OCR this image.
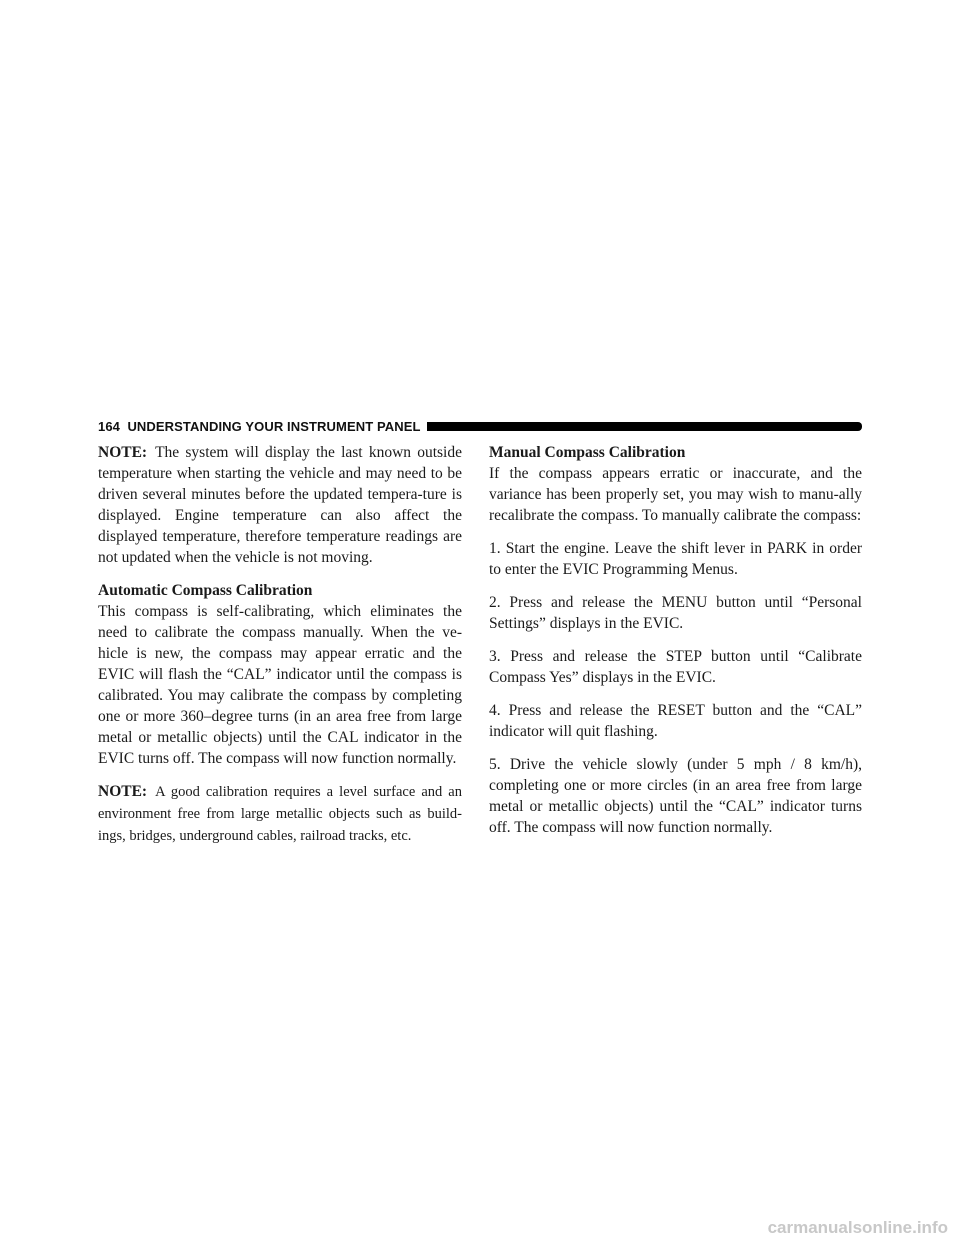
164 UNDERSTANDING YOUR INSTRUMENT PANEL

NOTE: The system will display the last known outside temperature when starting the vehicle and may need to be driven several minutes before the updated tempera-ture is displayed. Engine temperature can also affect the displayed temperature, therefore temperature readings are not updated when the vehicle is not moving.

Automatic Compass Calibration

This compass is self-calibrating, which eliminates the need to calibrate the compass manually. When the ve-hicle is new, the compass may appear erratic and the EVIC will flash the “CAL” indicator until the compass is calibrated. You may calibrate the compass by completing one or more 360–degree turns (in an area free from large metal or metallic objects) until the CAL indicator in the EVIC turns off. The compass will now function normally.

NOTE: A good calibration requires a level surface and an environment free from large metallic objects such as build-ings, bridges, underground cables, railroad tracks, etc.

Manual Compass Calibration

If the compass appears erratic or inaccurate, and the variance has been properly set, you may wish to manu-ally recalibrate the compass. To manually calibrate the compass:

1. Start the engine. Leave the shift lever in PARK in order to enter the EVIC Programming Menus.

2. Press and release the MENU button until “Personal Settings” displays in the EVIC.

3. Press and release the STEP button until “Calibrate Compass Yes” displays in the EVIC.

4. Press and release the RESET button and the “CAL” indicator will quit flashing.

5. Drive the vehicle slowly (under 5 mph / 8 km/h), completing one or more circles (in an area free from large metal or metallic objects) until the “CAL” indicator turns off. The compass will now function normally.

carmanualsonline.info
